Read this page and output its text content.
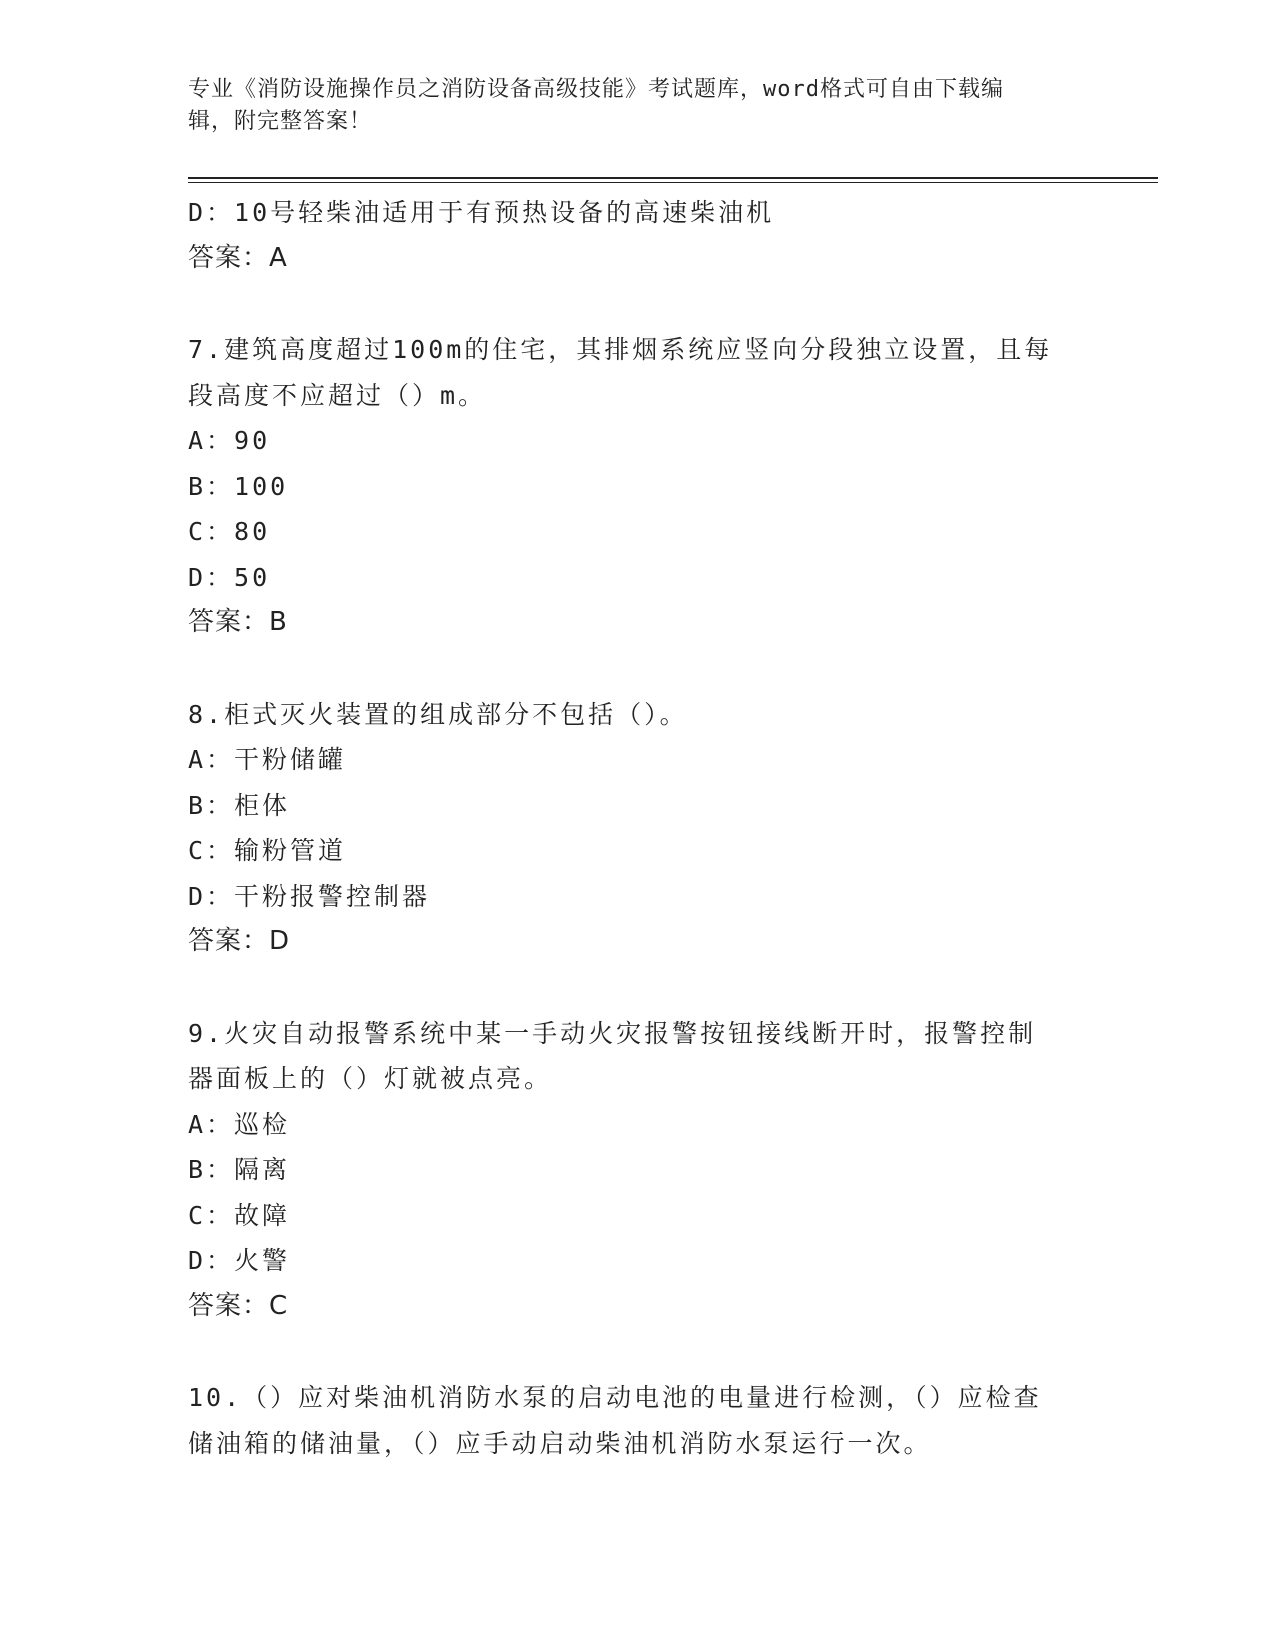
专业《消防设施操作员之消防设备高级技能》考试题库，word格式可自由下载编
辑，附完整答案！
D：10号轻柴油适用于有预热设备的高速柴油机
答案：A
7.建筑高度超过100m的住宅，其排烟系统应竖向分段独立设置，且每
段高度不应超过（）m。
A：90
B：100
C：80
D：50
答案：B
8.柜式灭火装置的组成部分不包括（）。
A：干粉储罐
B：柜体
C：输粉管道
D：干粉报警控制器
答案：D
9.火灾自动报警系统中某一手动火灾报警按钮接线断开时，报警控制
器面板上的（）灯就被点亮。
A：巡检
B：隔离
C：故障
D：火警
答案：C
10.（）应对柴油机消防水泵的启动电池的电量进行检测，（）应检查
储油箱的储油量，（）应手动启动柴油机消防水泵运行一次。
